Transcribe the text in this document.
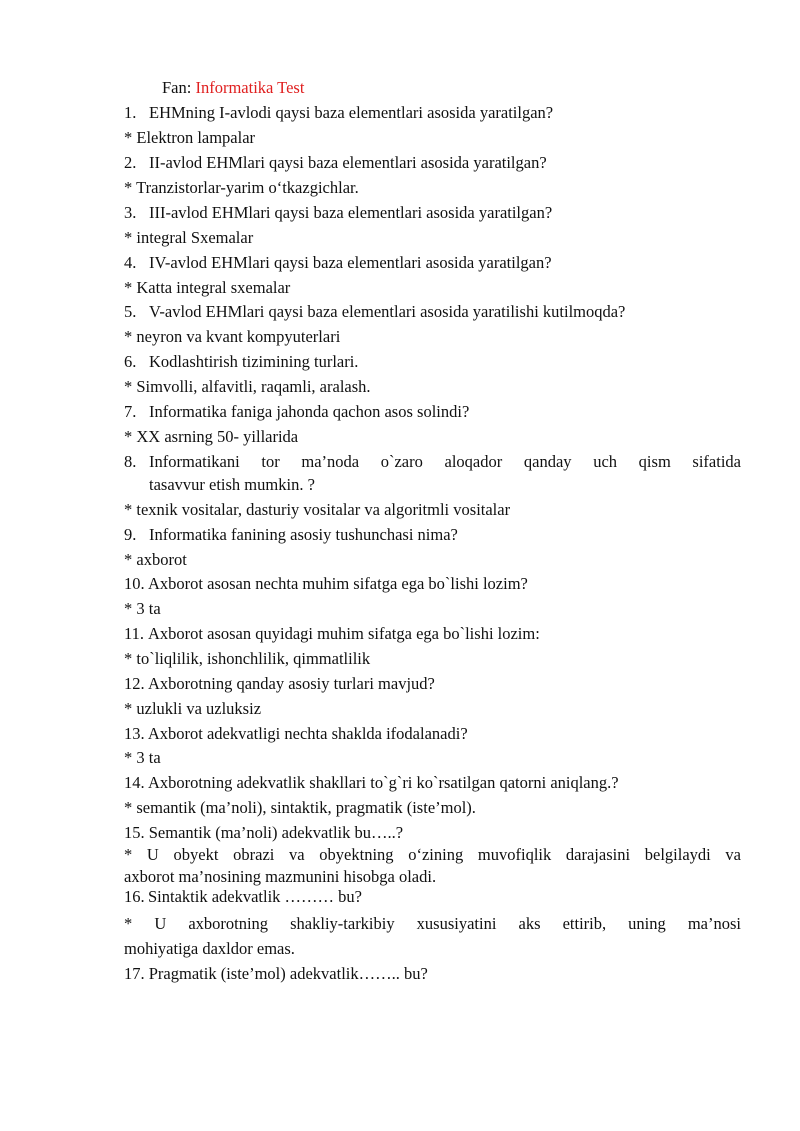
Fan: Informatika Test
1. EHMning I-avlodi qaysi baza elementlari asosida yaratilgan?
* Elektron lampalar
2. II-avlod EHMlari qaysi baza elementlari asosida yaratilgan?
* Tranzistorlar-yarim o‘tkazgichlar.
3. III-avlod EHMlari qaysi baza elementlari asosida yaratilgan?
* integral Sxemalar
4. IV-avlod EHMlari qaysi baza elementlari asosida yaratilgan?
* Katta integral sxemalar
5. V-avlod EHMlari qaysi baza elementlari asosida yaratilishi kutilmoqda?
* neyron va kvant kompyuterlari
6. Kodlashtirish tizimining turlari.
* Simvolli, alfavitli, raqamli, aralash.
7. Informatika faniga jahonda qachon asos solindi?
* XX asrning 50- yillarida
8. Informatikani tor ma’noda o`zaro aloqador qanday uch qism sifatida
tasavvur etish mumkin. ?
* texnik vositalar, dasturiy vositalar va algoritmli vositalar
9. Informatika fanining asosiy tushunchasi nima?
* axborot
10. Axborot asosan nechta muhim sifatga ega bo`lishi lozim?
* 3 ta
11. Axborot asosan quyidagi muhim sifatga ega bo`lishi lozim:
* to`liqlilik, ishonchlilik, qimmatlilik
12. Axborotning qanday asosiy turlari mavjud?
* uzlukli va uzluksiz
13. Axborot adekvatligi nechta shaklda ifodalanadi?
* 3 ta
14. Axborotning adekvatlik shakllari to`g`ri ko`rsatilgan qatorni aniqlang.?
* semantik (ma’noli), sintaktik, pragmatik (iste’mol).
15. Semantik (ma’noli) adekvatlik bu…..?
* U obyekt obrazi va obyektning o‘zining muvofiqlik darajasini belgilaydi va
axborot ma’nosining mazmunini hisobga oladi.
16. Sintaktik adekvatlik ……… bu?
* U axborotning shakliy-tarkibiy xususiyatini aks ettirib, uning ma’nosi
mohiyatiga daxldor emas.
17. Pragmatik (iste’mol) adekvatlik…….. bu?
